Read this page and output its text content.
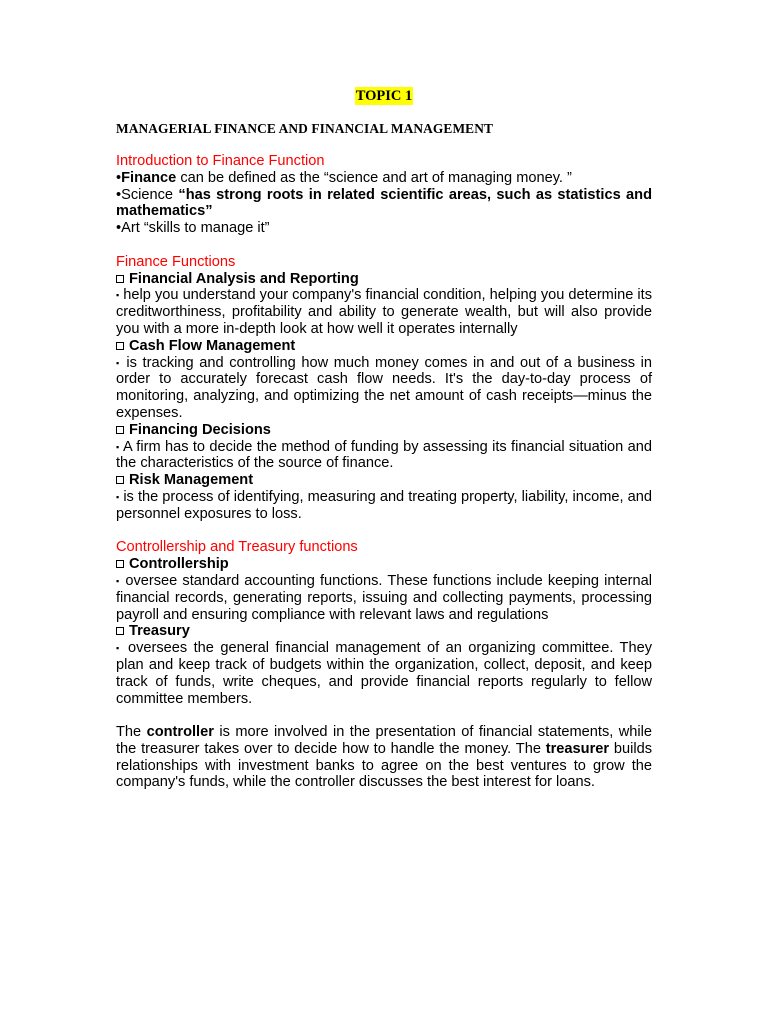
TOPIC 1
MANAGERIAL FINANCE AND FINANCIAL MANAGEMENT
Introduction to Finance Function
•Finance can be defined as the “science and art of managing money. ”
•Science “has strong roots in related scientific areas, such as statistics and mathematics”
•Art “skills to manage it”
Finance Functions
Financial Analysis and Reporting
▪ help you understand your company's financial condition, helping you determine its creditworthiness, profitability and ability to generate wealth, but will also provide you with a more in-depth look at how well it operates internally
Cash Flow Management
▪ is tracking and controlling how much money comes in and out of a business in order to accurately forecast cash flow needs. It's the day-to-day process of monitoring, analyzing, and optimizing the net amount of cash receipts—minus the expenses.
Financing Decisions
▪ A firm has to decide the method of funding by assessing its financial situation and the characteristics of the source of finance.
Risk Management
▪ is the process of identifying, measuring and treating property, liability, income, and personnel exposures to loss.
Controllership and Treasury functions
Controllership
▪ oversee standard accounting functions. These functions include keeping internal financial records, generating reports, issuing and collecting payments, processing payroll and ensuring compliance with relevant laws and regulations
Treasury
▪ oversees the general financial management of an organizing committee. They plan and keep track of budgets within the organization, collect, deposit, and keep track of funds, write cheques, and provide financial reports regularly to fellow committee members.
The controller is more involved in the presentation of financial statements, while the treasurer takes over to decide how to handle the money. The treasurer builds relationships with investment banks to agree on the best ventures to grow the company's funds, while the controller discusses the best interest for loans.
